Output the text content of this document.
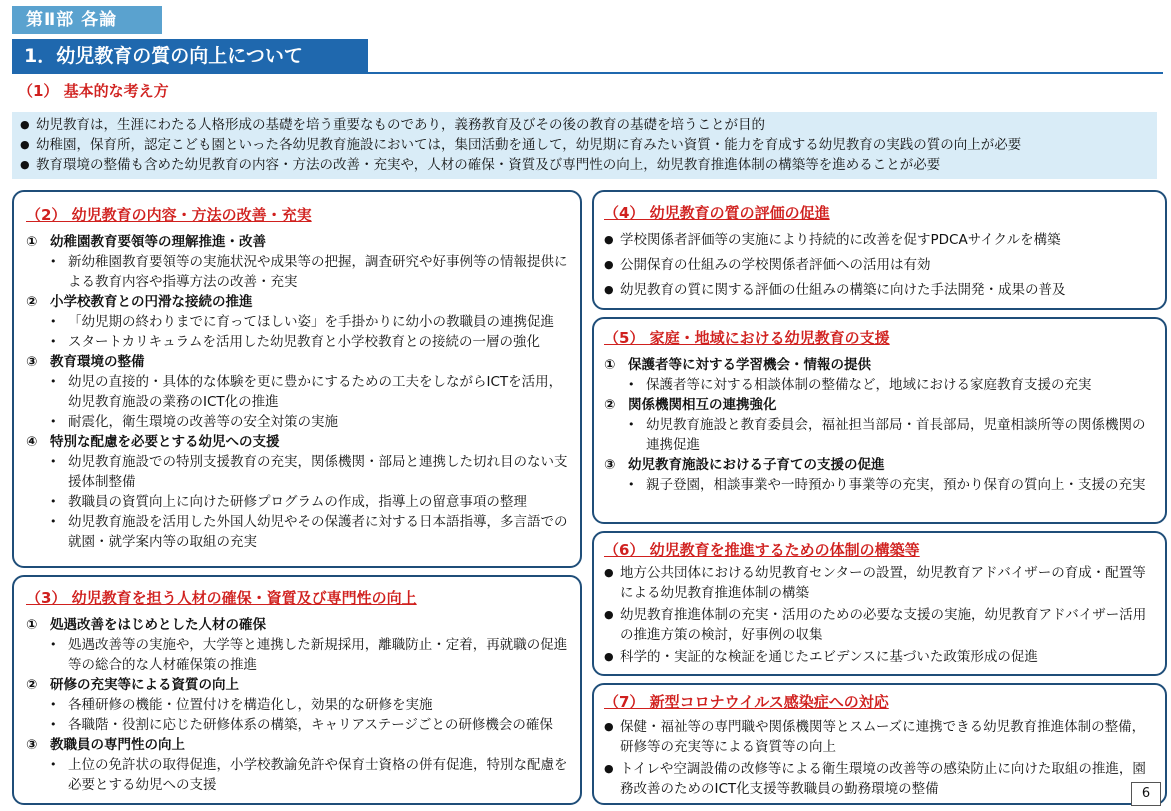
第Ⅱ部 各論
1．幼児教育の質の向上について
（1） 基本的な考え方
● 幼児教育は，生涯にわたる人格形成の基礎を培う重要なものであり，義務教育及びその後の教育の基礎を培うことが目的
● 幼稚園，保育所，認定こども園といった各幼児教育施設においては，集団活動を通して，幼児期に育みたい資質・能力を育成する幼児教育の実践の質の向上が必要
● 教育環境の整備も含めた幼児教育の内容・方法の改善・充実や，人材の確保・資質及び専門性の向上，幼児教育推進体制の構築等を進めることが必要
（2） 幼児教育の内容・方法の改善・充実
① 幼稚園教育要領等の理解推進・改善
• 新幼稚園教育要領等の実施状況や成果等の把握，調査研究や好事例等の情報提供による教育内容や指導方法の改善・充実
② 小学校教育との円滑な接続の推進
• 「幼児期の終わりまでに育ってほしい姿」を手掛かりに幼小の教職員の連携促進
• スタートカリキュラムを活用した幼児教育と小学校教育との接続の一層の強化
③ 教育環境の整備
• 幼児の直接的・具体的な体験を更に豊かにするための工夫をしながらICTを活用，幼児教育施設の業務のICT化の推進
• 耐震化，衛生環境の改善等の安全対策の実施
④ 特別な配慮を必要とする幼児への支援
• 幼児教育施設での特別支援教育の充実，関係機関・部局と連携した切れ目のない支援体制整備
• 教職員の資質向上に向けた研修プログラムの作成，指導上の留意事項の整理
• 幼児教育施設を活用した外国人幼児やその保護者に対する日本語指導，多言語での就園・就学案内等の取組の充実
（3） 幼児教育を担う人材の確保・資質及び専門性の向上
① 処遇改善をはじめとした人材の確保
• 処遇改善等の実施や，大学等と連携した新規採用，離職防止・定着，再就職の促進等の総合的な人材確保策の推進
② 研修の充実等による資質の向上
• 各種研修の機能・位置付けを構造化し，効果的な研修を実施
• 各職階・役割に応じた研修体系の構築，キャリアステージごとの研修機会の確保
③ 教職員の専門性の向上
• 上位の免許状の取得促進，小学校教諭免許や保育士資格の併有促進，特別な配慮を必要とする幼児への支援
（4） 幼児教育の質の評価の促進
● 学校関係者評価等の実施により持続的に改善を促すPDCAサイクルを構築
● 公開保育の仕組みの学校関係者評価への活用は有効
● 幼児教育の質に関する評価の仕組みの構築に向けた手法開発・成果の普及
（5） 家庭・地域における幼児教育の支援
① 保護者等に対する学習機会・情報の提供
• 保護者等に対する相談体制の整備など，地域における家庭教育支援の充実
② 関係機関相互の連携強化
• 幼児教育施設と教育委員会，福祉担当部局・首長部局，児童相談所等の関係機関の連携促進
③ 幼児教育施設における子育ての支援の促進
• 親子登園，相談事業や一時預かり事業等の充実，預かり保育の質向上・支援の充実
（6） 幼児教育を推進するための体制の構築等
● 地方公共団体における幼児教育センターの設置，幼児教育アドバイザーの育成・配置等による幼児教育推進体制の構築
● 幼児教育推進体制の充実・活用のための必要な支援の実施，幼児教育アドバイザー活用の推進方策の検討，好事例の収集
● 科学的・実証的な検証を通じたエビデンスに基づいた政策形成の促進
（7） 新型コロナウイルス感染症への対応
● 保健・福祉等の専門職や関係機関等とスムーズに連携できる幼児教育推進体制の整備，研修等の充実等による資質等の向上
● トイレや空調設備の改修等による衛生環境の改善等の感染防止に向けた取組の推進，園務改善のためのICT化支援等教職員の勤務環境の整備	6
